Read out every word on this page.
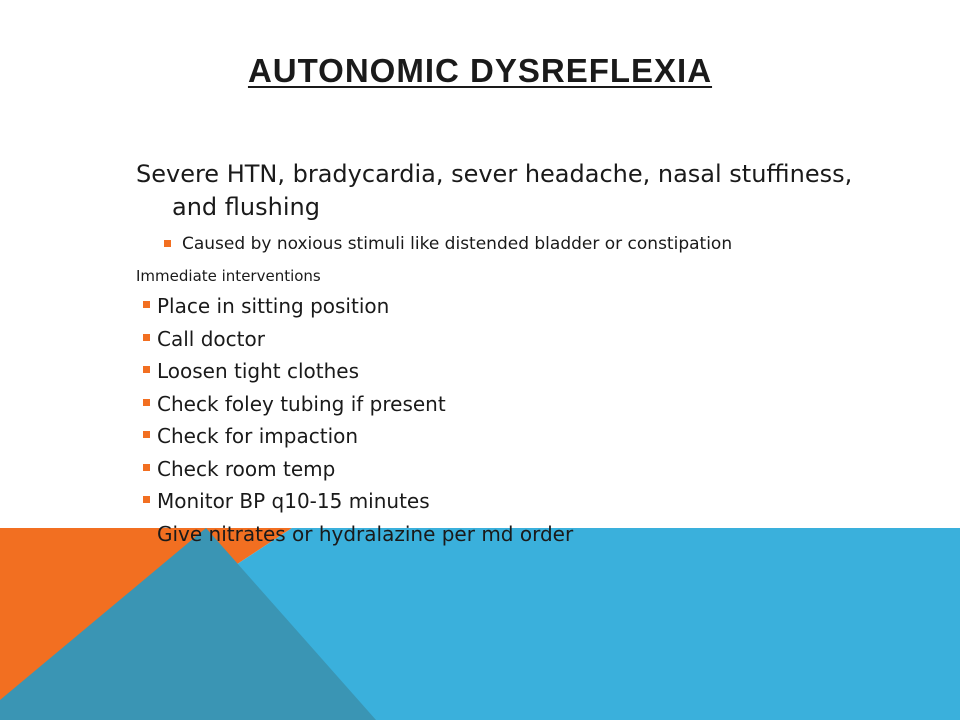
AUTONOMIC DYSREFLEXIA

Severe HTN, bradycardia, sever headache, nasal stuffiness, and flushing

Caused by noxious stimuli like distended bladder or constipation
Immediate interventions
Place in sitting position
Call doctor
Loosen tight clothes
Check foley tubing if present
Check for impaction
Check room temp
Monitor BP q10-15 minutes
Give nitrates or hydralazine per md order
